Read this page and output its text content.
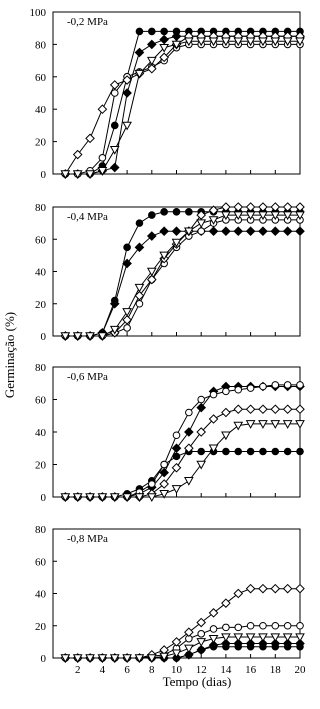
Germinação (%)
Tempo (dias)
0
20
40
60
80
100
-0,2 MPa
0
20
40
60
80
-0,4 MPa
0
20
40
60
80
-0,6 MPa
0
20
40
60
80
-0,8 MPa
2 4 6 8 10 12 14 16 18 20
